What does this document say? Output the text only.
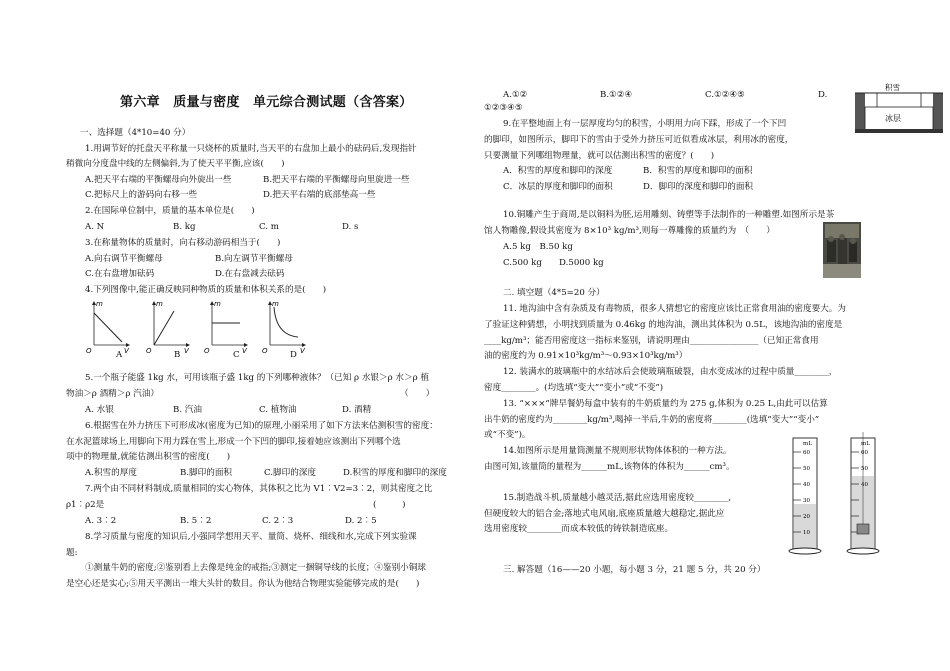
第六章　质量与密度　单元综合测试题（含答案）
一、选择题（4*10=40 分）
1.用调节好的托盘天平称量一只烧杯的质量时,当天平的右盘加上最小的砝码后,发现指针
稍微向分度盘中线的左侧偏斜,为了使天平平衡,应该(　　)
A.把天平右端的平衡螺母向外旋出一些	B.把天平右端的平衡螺母向里旋进一些
C.把标尺上的游码向右移一些	D.把天平右端的底部垫高一些
2.在国际单位制中，质量的基本单位是(　　)
A. N	B. kg	C. m	D. s
3.在称量物体的质量时，向右移动游码相当于(　　)
A.向右调节平衡螺母	B.向左调节平衡螺母
C.在右盘增加砝码	D.在右盘减去砝码
4.下列图像中,能正确反映同种物质的质量和体积关系的是(　　)
m
V
O
m
V
O
m
V
O
m
V
O
A	B	C	D
5.一个瓶子能盛 1kg 水，可用该瓶子盛 1kg 的下列哪种液体？（已知 ρ 水银＞ρ 水＞ρ 植
物油＞ρ 酒精＞ρ 汽油）	（　　）
A. 水银	B. 汽油	C. 植物油	D. 酒精
6.根据雪在外力挤压下可形成冰(密度为已知)的原理,小丽采用了如下方法来估测积雪的密度：
在水泥篮球场上,用脚向下用力踩在雪上,形成一个下凹的脚印,接着她应该测出下列哪个选
项中的物理量,就能估测出积雪的密度(　　)
A.积雪的厚度	B.脚印的面积	C.脚印的深度	D.积雪的厚度和脚印的深度
7.两个由不同材料制成,质量相同的实心物体，其体积之比为 V1︰V2=3︰2，则其密度之比
ρ1︰ρ2是	(　　　)
A. 3︰2	B. 5︰2	C. 2︰3	D. 2︰5
8.学习质量与密度的知识后,小强同学想用天平、量筒、烧杯、细线和水,完成下列实验课
题:
①测量牛奶的密度;②鉴别看上去像是纯金的戒指;③测定一捆铜导线的长度；④鉴别小铜球
是空心还是实心;⑤用天平测出一堆大头针的数目。你认为他结合物理实验能够完成的是(　　)
A.①②	B.①②④	C.①②④⑤	D.
①②③④⑤
积雪
冰层
9.在平整地面上有一层厚度均匀的积雪，小明用力向下踩，形成了一个下凹
的脚印，如图所示，脚印下的雪由于受外力挤压可近似看成冰层，利用冰的密度，
只要测量下列哪组物理量，就可以估测出积雪的密度？(　　)
A．积雪的厚度和脚印的深度	B．积雪的厚度和脚印的面积
C．冰层的厚度和脚印的面积	D．脚印的深度和脚印的面积
10.铜雕产生于商周,是以铜料为胚,运用雕刻、铸塑等手法制作的一种雕塑.如图所示是茶
馆人物雕像,假设其密度为 8×10³ kg/m³,则每一尊雕像的质量约为　（　　）
A.5 kg　B.50 kg
C.500 kg　　D.5000 kg
二. 填空题（4*5=20 分）
11. 地沟油中含有杂质及有毒物质，很多人猜想它的密度应该比正常食用油的密度要大。为
了验证这种猜想，小明找到质量为 0.46kg 的地沟油，测出其体积为 0.5L，该地沟油的密度是
____kg/m³；能否用密度这一指标来鉴别，请说明理由________________（已知正常食用
油的密度约为 0.91×10³kg/m³～0.93×10³kg/m³）
12. 装满水的玻璃瓶中的水结冰后会使玻璃瓶破裂，由水变成冰的过程中质量________，
密度________。(均选填“变大”“变小”或“不变”)
13. “×××”牌早餐奶每盒中装有的牛奶质量约为 275 g,体积为 0.25 L,由此可以估算
出牛奶的密度约为________kg/m³,喝掉一半后,牛奶的密度将________(选填“变大”“变小”
或“不变”)。
14.如图所示是用量筒测量不规则形状物体体积的一种方法。
由图可知,该量筒的量程为______mL,该物体的体积为______cm³。
mL
60
50
40
30
20
10
mL
60
50
40
15.制造战斗机,质量越小越灵活,据此应选用密度较________,
但硬度较大的铝合金;落地式电风扇,底座质量越大越稳定,据此应
选用密度较________而成本较低的铸铁制造底座。
三. 解答题（16——20 小题，每小题 3 分，21 题 5 分，共 20 分）
